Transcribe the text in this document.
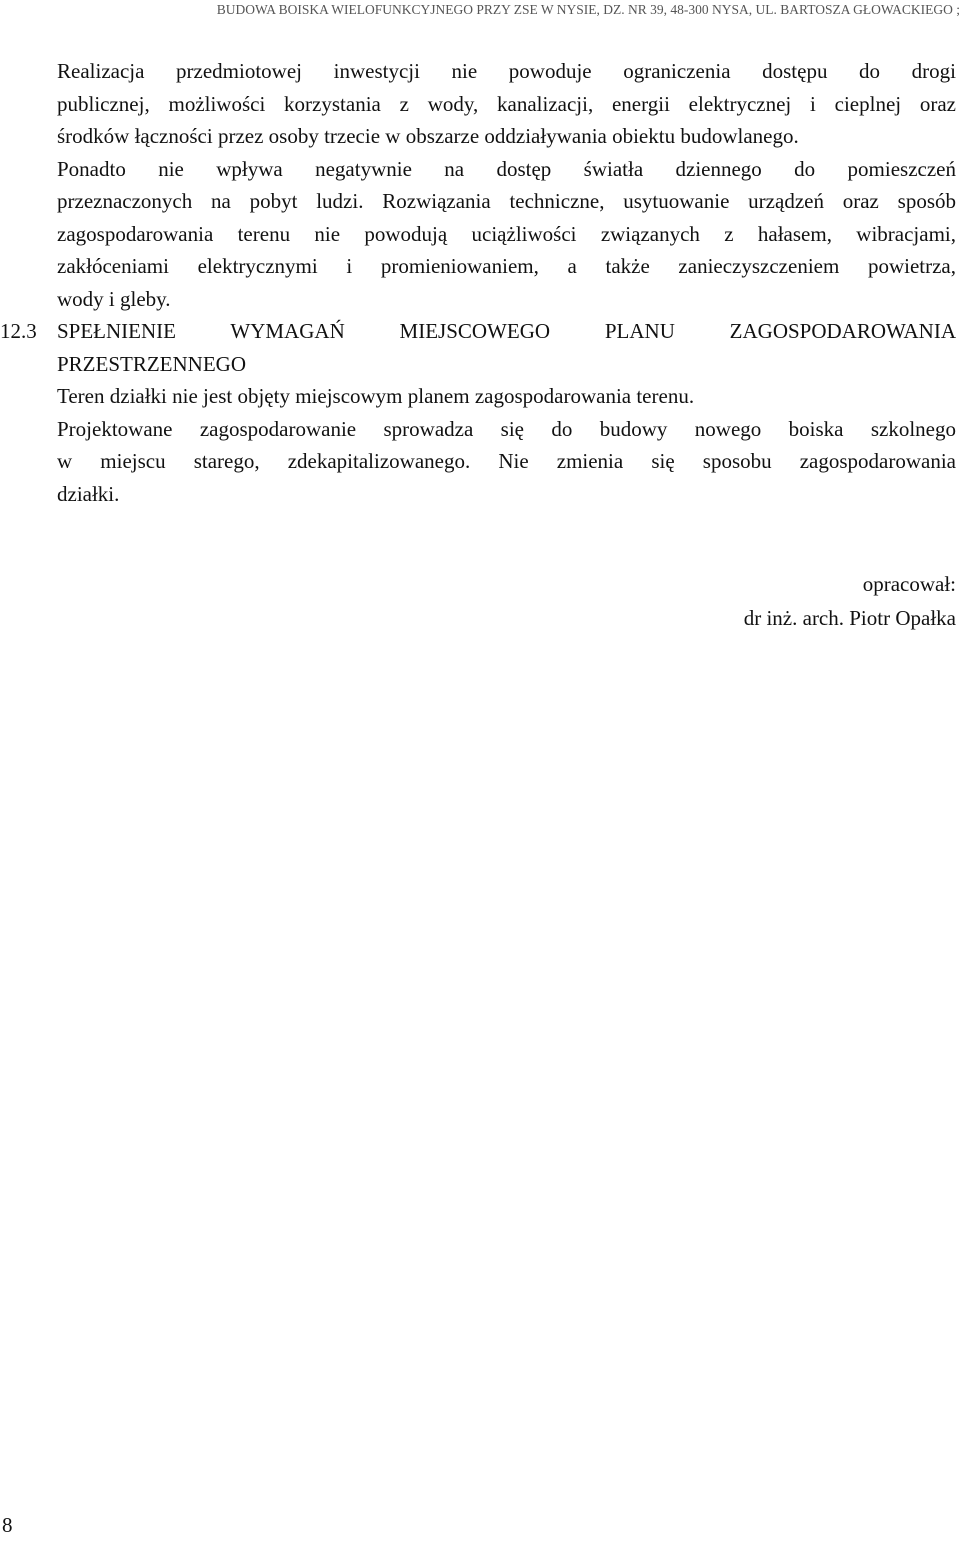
BUDOWA BOISKA WIELOFUNKCYJNEGO PRZY ZSE W NYSIE, DZ. NR 39, 48-300 NYSA, UL. BARTOSZA GŁOWACKIEGO ;

Realizacja przedmiotowej inwestycji nie powoduje ograniczenia dostępu do drogi

publicznej, możliwości korzystania z wody, kanalizacji, energii elektrycznej i cieplnej oraz

środków łączności przez osoby trzecie w obszarze oddziaływania obiektu budowlanego.

Ponadto nie wpływa negatywnie na dostęp światła dziennego do pomieszczeń

przeznaczonych na pobyt ludzi. Rozwiązania techniczne, usytuowanie urządzeń oraz sposób

zagospodarowania terenu nie powodują uciążliwości związanych z hałasem, wibracjami,

zakłóceniami elektrycznymi i promieniowaniem, a także zanieczyszczeniem powietrza,

wody i gleby.

12.3 SPEŁNIENIE WYMAGAŃ MIEJSCOWEGO PLANU ZAGOSPODAROWANIA

PRZESTRZENNEGO

Teren działki nie jest objęty miejscowym planem zagospodarowania terenu.

Projektowane zagospodarowanie sprowadza się do budowy nowego boiska szkolnego

w miejscu starego, zdekapitalizowanego. Nie zmienia się sposobu zagospodarowania

działki.

opracował:
dr inż. arch. Piotr Opałka
8
